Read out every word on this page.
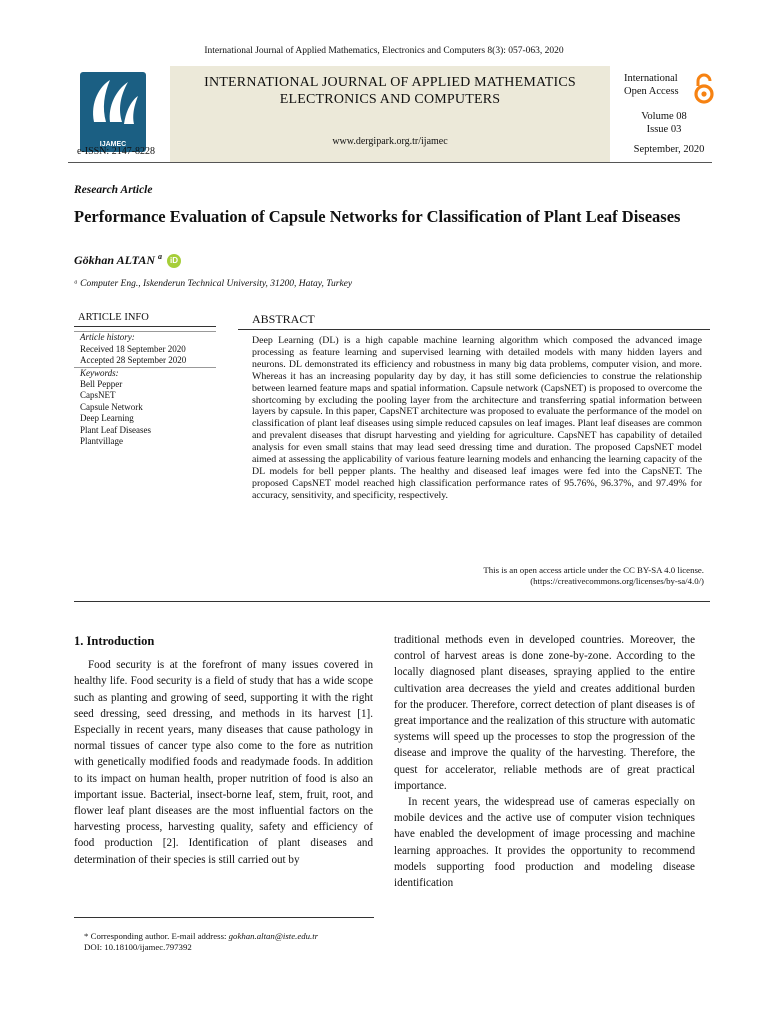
International Journal of Applied Mathematics, Electronics and Computers 8(3): 057-063, 2020
IJAMEC
e-ISSN: 2147-8228
INTERNATIONAL JOURNAL OF APPLIED MATHEMATICS
ELECTRONICS AND COMPUTERS
www.dergipark.org.tr/ijamec
International
Open Access
Volume 08
Issue 03
September, 2020
Research Article
Performance Evaluation of Capsule Networks for Classification of Plant Leaf Diseases
Gökhan ALTAN $^a$ iD
ᵃ Computer Eng., Iskenderun Technical University, 31200, Hatay, Turkey
ARTICLE INFO
Article history:
Received 18 September 2020
Accepted 28 September 2020
Keywords:
Bell Pepper
CapsNET
Capsule Network
Deep Learning
Plant Leaf Diseases
Plantvillage
ABSTRACT
Deep Learning (DL) is a high capable machine learning algorithm which composed the advanced image processing as feature learning and supervised learning with detailed models with many hidden layers and neurons. DL demonstrated its efficiency and robustness in many big data problems, computer vision, and more. Whereas it has an increasing popularity day by day, it has still some deficiencies to construe the relationship between learned feature maps and spatial information. Capsule network (CapsNET) is proposed to overcome the shortcoming by excluding the pooling layer from the architecture and transferring spatial information between layers by capsule. In this paper, CapsNET architecture was proposed to evaluate the performance of the model on classification of plant leaf diseases using simple reduced capsules on leaf images. Plant leaf diseases are common and prevalent diseases that disrupt harvesting and yielding for agriculture. CapsNET has capability of detailed analysis for even small stains that may lead seed dressing time and duration. The proposed CapsNET model aimed at assessing the applicability of various feature learning models and enhancing the learning capacity of the DL models for bell pepper plants. The healthy and diseased leaf images were fed into the CapsNET. The proposed CapsNET model reached high classification performance rates of 95.76%, 96.37%, and 97.49% for accuracy, sensitivity, and specificity, respectively.
This is an open access article under the CC BY-SA 4.0 license.
(https://creativecommons.org/licenses/by-sa/4.0/)
1. Introduction

Food security is at the forefront of many issues covered in healthy life. Food security is a field of study that has a wide scope such as planting and growing of seed, supporting it with the right seed dressing, seed dressing, and methods in its harvest [1]. Especially in recent years, many diseases that cause pathology in normal tissues of cancer type also come to the fore as nutrition with genetically modified foods and readymade foods. In addition to its impact on human health, proper nutrition of food is also an important issue. Bacterial, insect-borne leaf, stem, fruit, root, and flower leaf plant diseases are the most influential factors on the harvesting process, harvesting quality, safety and efficiency of food production [2]. Identification of plant diseases and determination of their species is still carried out by

traditional methods even in developed countries. Moreover, the control of harvest areas is done zone-by-zone. According to the locally diagnosed plant diseases, spraying applied to the entire cultivation area decreases the yield and creates additional burden for the producer. Therefore, correct detection of plant diseases is of great importance and the realization of this structure with automatic systems will speed up the processes to stop the progression of the disease and improve the quality of the harvesting. Therefore, the quest for accelerator, reliable methods are of great practical importance.

In recent years, the widespread use of cameras especially on mobile devices and the active use of computer vision techniques have enabled the development of image processing and machine learning approaches. It provides the opportunity to recommend models supporting food production and modeling disease identification

* Corresponding author. E-mail address: gokhan.altan@iste.edu.tr
DOI: 10.18100/ijamec.797392
